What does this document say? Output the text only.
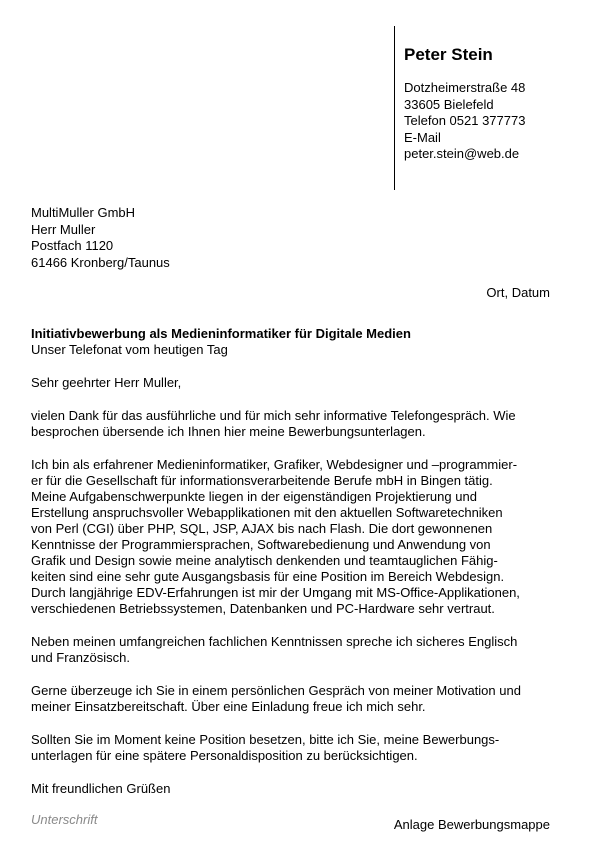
Peter Stein
Dotzheimerstraße 48
33605 Bielefeld
Telefon 0521 377773
E-Mail
peter.stein@web.de
MultiMuller GmbH
Herr Muller
Postfach 1120
61466 Kronberg/Taunus
Ort, Datum
Initiativbewerbung als Medieninformatiker für Digitale Medien
Unser Telefonat vom heutigen Tag
Sehr geehrter Herr Muller,
vielen Dank für das ausführliche und für mich sehr informative Telefongespräch. Wie
besprochen übersende ich Ihnen hier meine Bewerbungsunterlagen.
Ich bin als erfahrener Medieninformatiker, Grafiker, Webdesigner und –programmier-
er für die Gesellschaft für informationsverarbeitende Berufe mbH in Bingen tätig.
Meine Aufgabenschwerpunkte liegen in der eigenständigen Projektierung und
Erstellung anspruchsvoller Webapplikationen mit den aktuellen Softwaretechniken
von Perl (CGI) über PHP, SQL, JSP, AJAX bis nach Flash. Die dort gewonnenen
Kenntnisse der Programmiersprachen, Softwarebedienung und Anwendung von
Grafik und Design sowie meine analytisch denkenden und teamtauglichen Fähig-
keiten sind eine sehr gute Ausgangsbasis für eine Position im Bereich Webdesign.
Durch langjährige EDV-Erfahrungen ist mir der Umgang mit MS-Office-Applikationen,
verschiedenen Betriebssystemen, Datenbanken und PC-Hardware sehr vertraut.
Neben meinen umfangreichen fachlichen Kenntnissen spreche ich sicheres Englisch
und Französisch.
Gerne überzeuge ich Sie in einem persönlichen Gespräch von meiner Motivation und
meiner Einsatzbereitschaft. Über eine Einladung freue ich mich sehr.
Sollten Sie im Moment keine Position besetzen, bitte ich Sie, meine Bewerbungs-
unterlagen für eine spätere Personaldisposition zu berücksichtigen.
Mit freundlichen Grüßen
Unterschrift	Anlage Bewerbungsmappe
